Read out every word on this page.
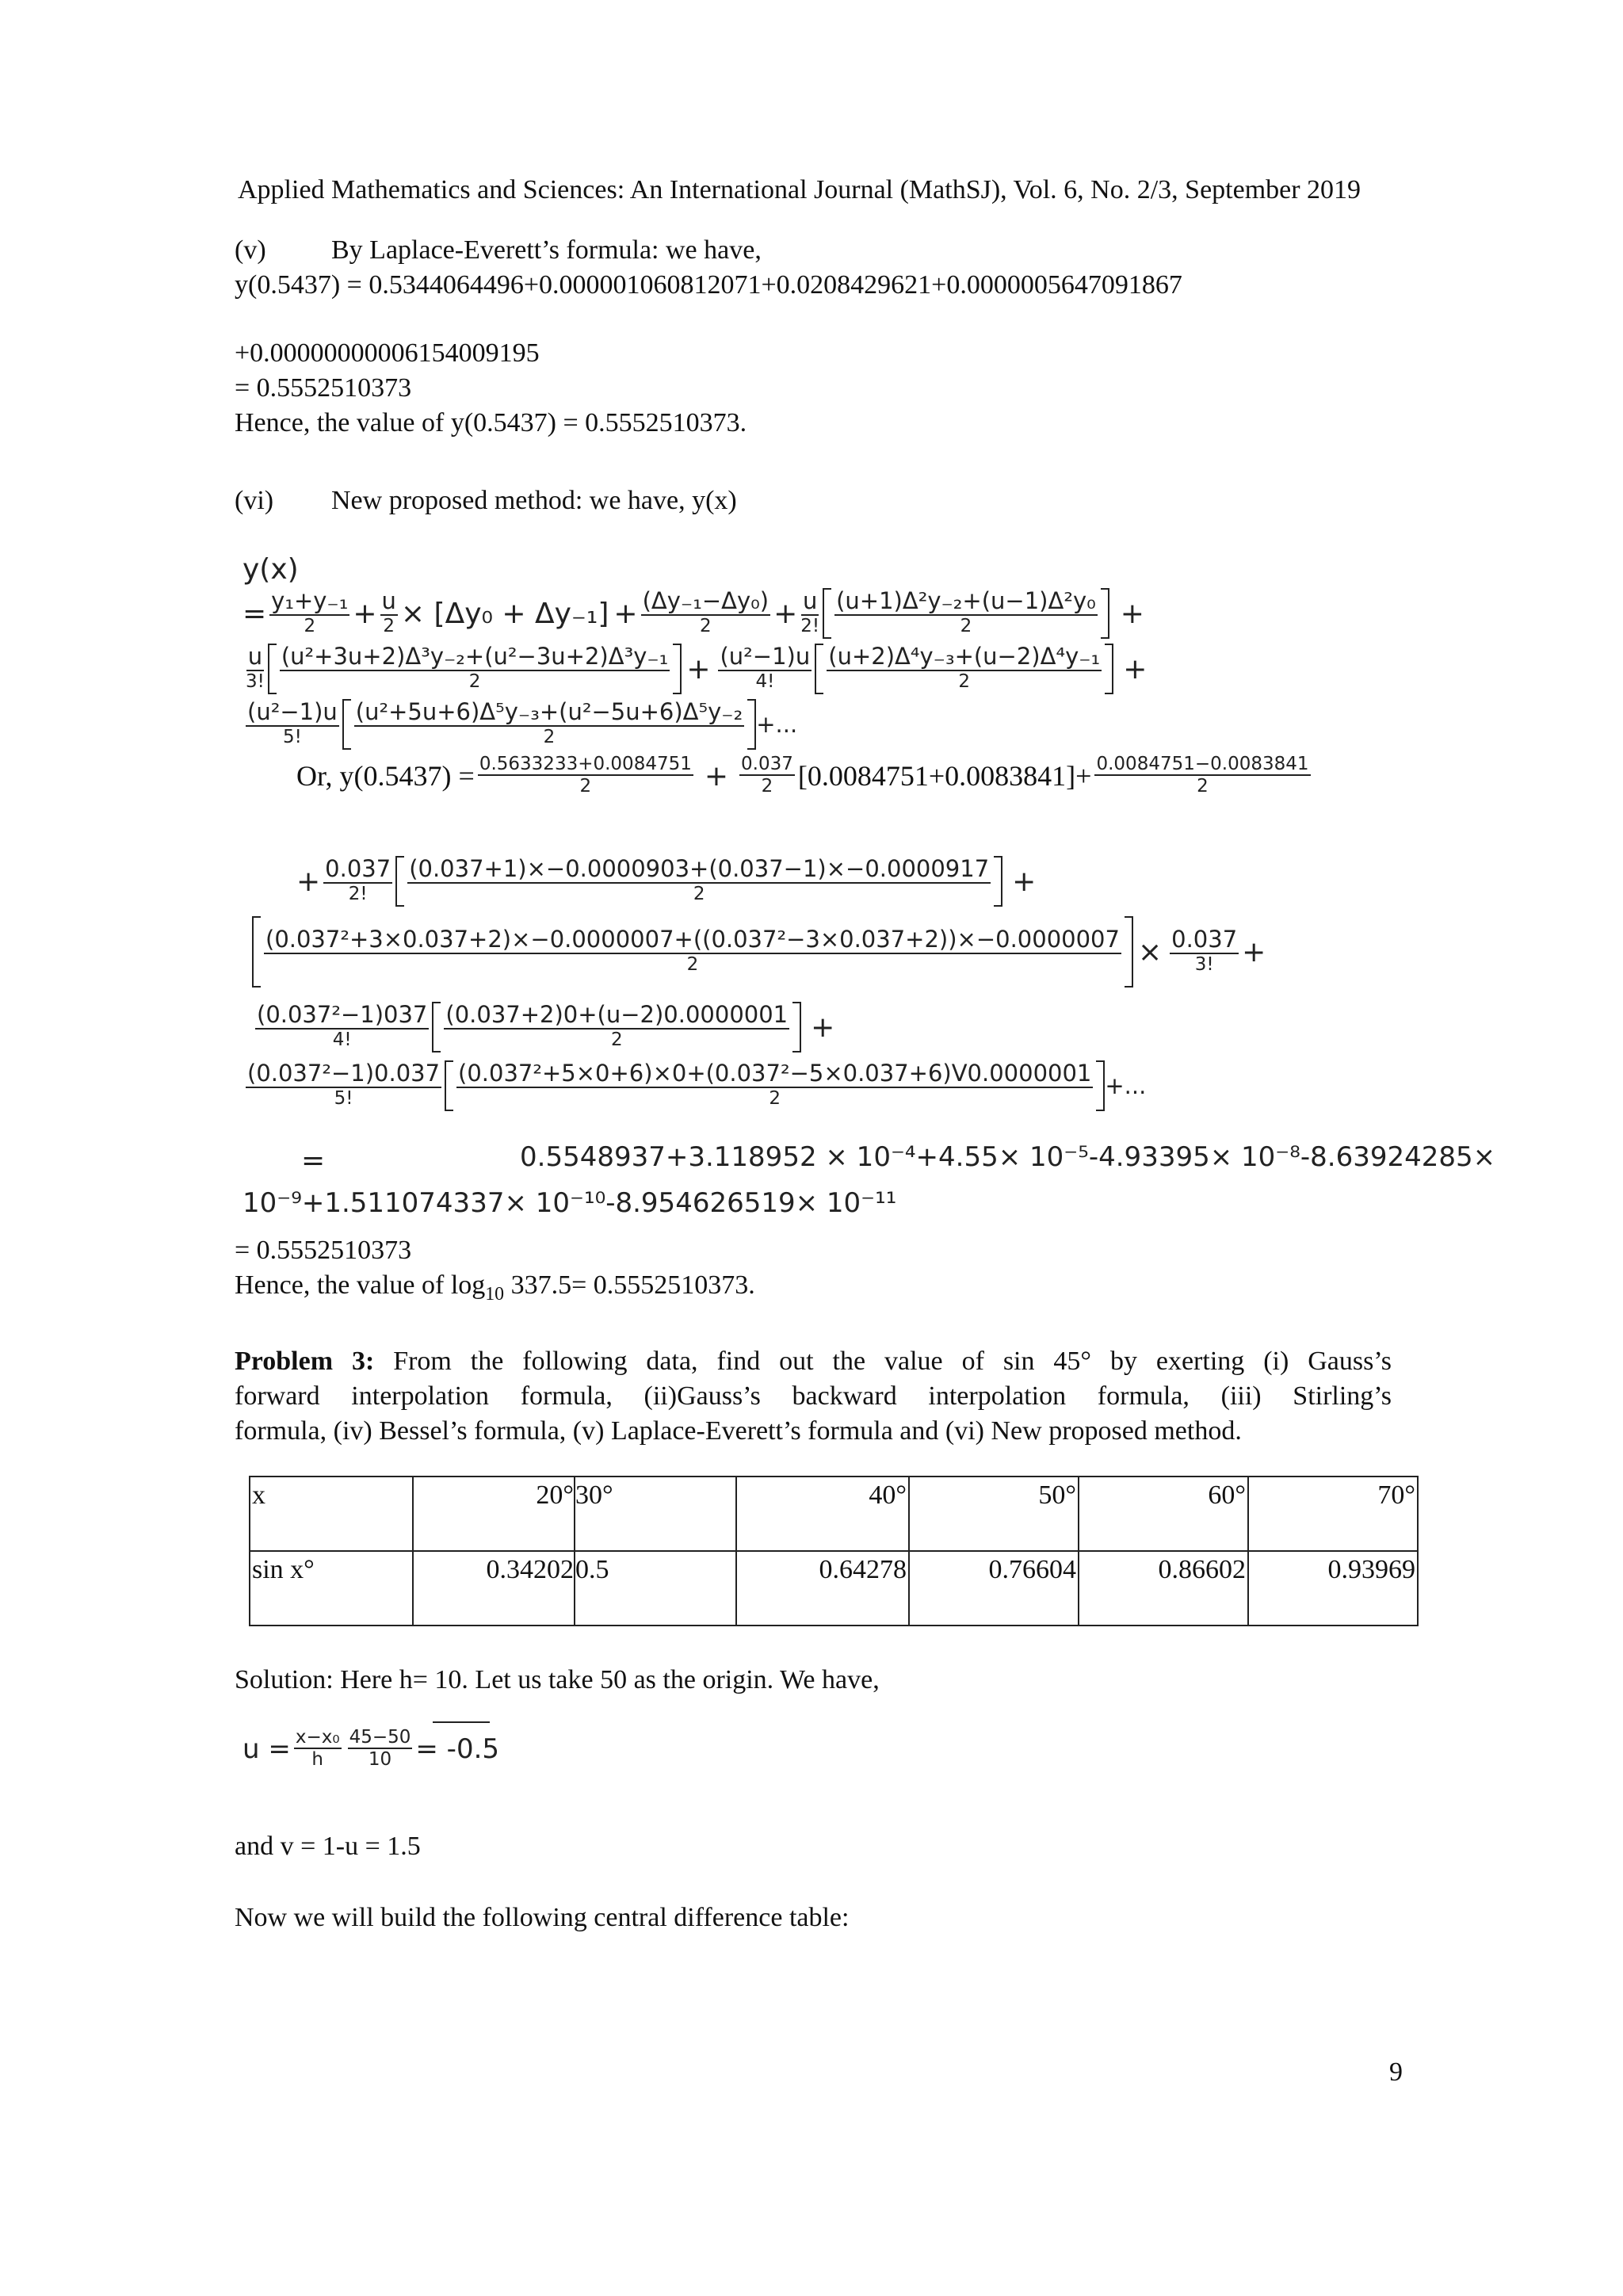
Applied Mathematics and Sciences: An International Journal (MathSJ), Vol. 6, No. 2/3, September 2019
(v) By Laplace-Everett’s formula: we have,
y(0.5437) = 0.5344064496+0.000001060812071+0.0208429621+0.0000005647091867
+0.00000000006154009195
= 0.5552510373
Hence, the value of y(0.5437) = 0.5552510373.
(vi) New proposed method: we have, y(x)
y(x)
= $\frac{\text{y₁+y₋₁}}{2} + \frac{u}{2} \times [\Delta y_0 + \Delta y_{-1}] + \frac{\text{(Δy₋₁−Δy₀)}}{2} + \frac{u}{2!} \frac{\text{(u+1)Δ²y₋₂+(u−1)Δ²y₀}}{2}$ +
$\frac{u}{3!} \frac{\text{(u²+3u+2)Δ³y₋₂+(u²−3u+2)Δ³y₋₁}}{2} + \frac{\text{(u²−1)u}}{4!} \frac{\text{(u+2)Δ⁴y₋₃+(u−2)Δ⁴y₋₁}}{2}$ +
$\frac{\text{(u²−1)u}}{5!} \frac{\text{(u²+5u+6)Δ⁵y₋₃+(u²−5u+6)Δ⁵y₋₂}}{2}$ +...
Or, $y(0.5437) = \frac{0.5633233+0.0084751}{2} + \frac{0.037}{2} [0.0084751+0.0083841]+ \frac{0.0084751-0.0083841}{2}$
+ $\frac{0.037}{2!} \frac{(0.037+1)\times-0.0000903+(0.037-1)\times-0.0000917}{2}$ +
(0.037²+3×0.037+2)×−0.0000007+((0.037²−3×0.037+2))×−0.0000007
2	× $\frac{0.037}{3!}$ +
$\frac{\text{(0.037²−1)037}}{4!} \frac{(0.037+2)0+(u-2)0.0000001}{2}$ +
$\frac{\text{(0.037²−1)0.037}}{5!} \frac{\text{(0.037²+5×0+6)×0+(0.037²−5×0.037+6)V0.0000001}}{2}$ +...
=	0.5548937+3.118952 × 10⁻⁴+4.55× 10⁻⁵-4.93395× 10⁻⁸-8.63924285×
10⁻⁹+1.511074337× 10⁻¹⁰-8.954626519× 10⁻¹¹
= 0.5552510373
Hence, the value of $\log_{10} 337.5= 0.5552510373$.
Problem 3: From the following data, find out the value of sin 45° by exerting (i) Gauss’s
forward interpolation formula, (ii)Gauss’s backward interpolation formula, (iii) Stirling’s
formula, (iv) Bessel’s formula, (v) Laplace-Everett’s formula and (vi) New proposed method.
x	20°	30°	40°	50°	60°	70°
sin x°	0.34202	0.5	0.64278	0.76604	0.86602	0.93969
Solution: Here h= 10. Let us take 50 as the origin. We have,
$u = \frac{\text{x−x₀}}{h} \frac{45-50}{10} = -0.5$
and v = 1-u = 1.5
Now we will build the following central difference table:
9
